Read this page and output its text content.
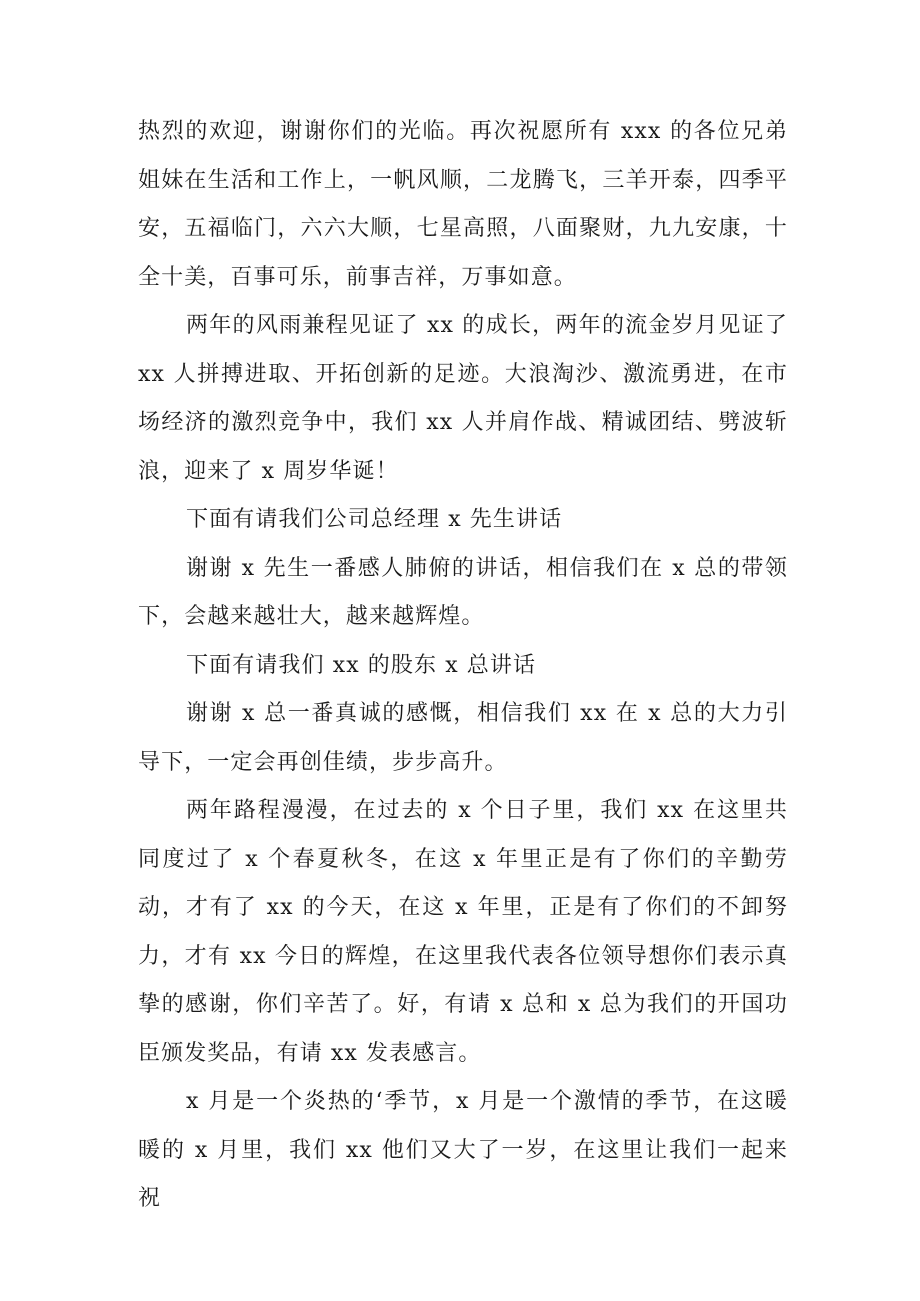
热烈的欢迎，谢谢你们的光临。再次祝愿所有 xxx 的各位兄弟姐妹在生活和工作上，一帆风顺，二龙腾飞，三羊开泰，四季平安，五福临门，六六大顺，七星高照，八面聚财，九九安康，十全十美，百事可乐，前事吉祥，万事如意。

两年的风雨兼程见证了 xx 的成长，两年的流金岁月见证了 xx 人拼搏进取、开拓创新的足迹。大浪淘沙、激流勇进，在市场经济的激烈竞争中，我们 xx 人并肩作战、精诚团结、劈波斩浪，迎来了 x 周岁华诞！

下面有请我们公司总经理 x 先生讲话

谢谢 x 先生一番感人肺俯的讲话，相信我们在 x 总的带领下，会越来越壮大，越来越辉煌。

下面有请我们 xx 的股东 x 总讲话

谢谢 x 总一番真诚的感慨，相信我们 xx 在 x 总的大力引导下，一定会再创佳绩，步步高升。

两年路程漫漫，在过去的 x 个日子里，我们 xx 在这里共同度过了 x 个春夏秋冬，在这 x 年里正是有了你们的辛勤劳动，才有了 xx 的今天，在这 x 年里，正是有了你们的不卸努力，才有 xx 今日的辉煌，在这里我代表各位领导想你们表示真挚的感谢，你们辛苦了。好，有请 x 总和 x 总为我们的开国功臣颁发奖品，有请 xx 发表感言。

x 月是一个炎热的‘季节，x 月是一个激情的季节，在这暖暖的 x 月里，我们 xx 他们又大了一岁，在这里让我们一起来祝
